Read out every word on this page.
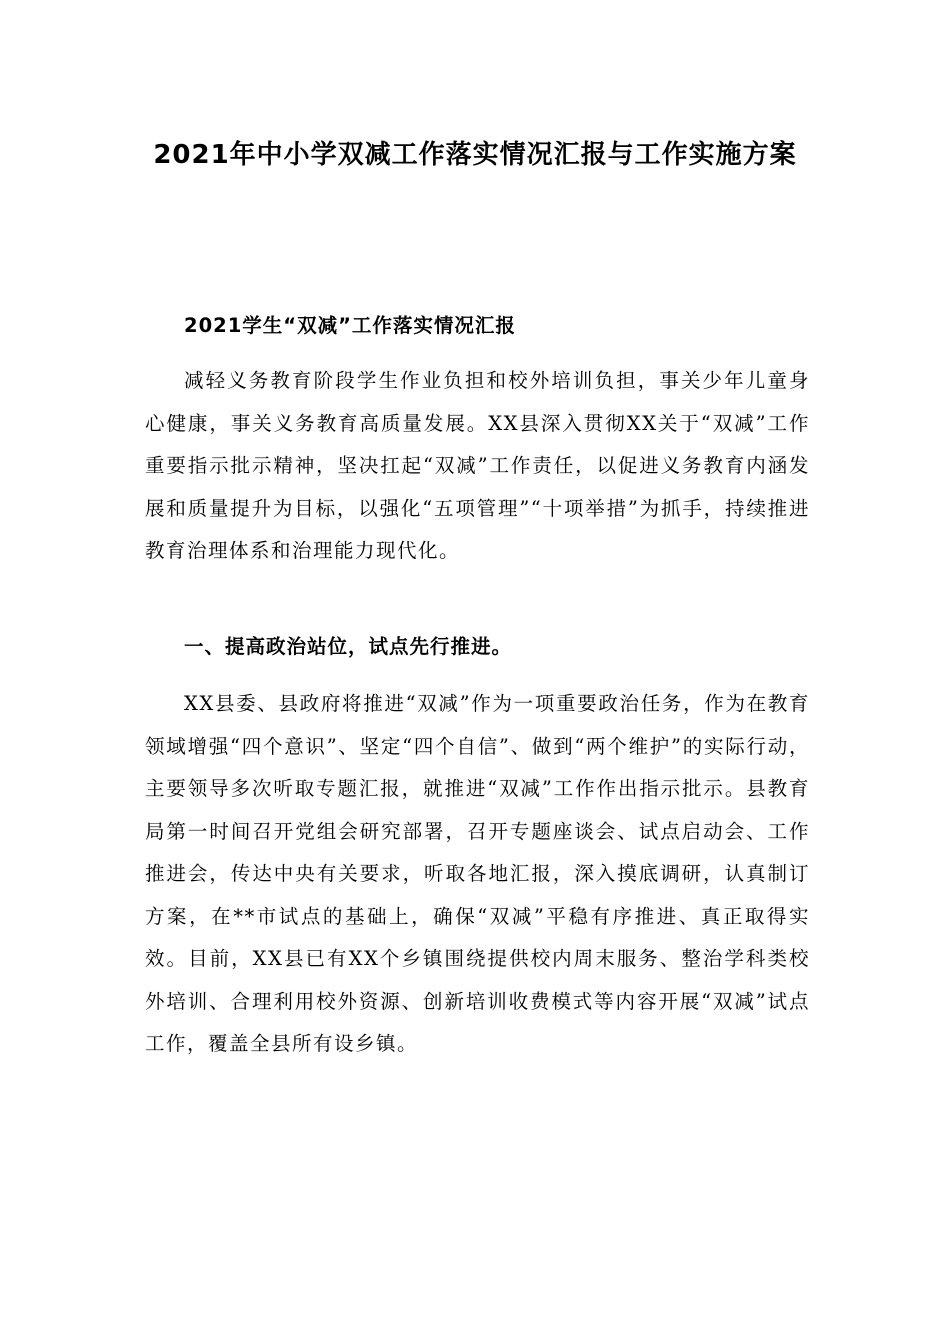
2021年中小学双减工作落实情况汇报与工作实施方案
2021学生“双减”工作落实情况汇报

减轻义务教育阶段学生作业负担和校外培训负担，事关少年儿童身心健康，事关义务教育高质量发展。XX县深入贯彻XX关于“双减”工作重要指示批示精神，坚决扛起“双减”工作责任，以促进义务教育内涵发展和质量提升为目标，以强化“五项管理”“十项举措”为抓手，持续推进教育治理体系和治理能力现代化。

一、提高政治站位，试点先行推进。

XX县委、县政府将推进“双减”作为一项重要政治任务，作为在教育领域增强“四个意识”、坚定“四个自信”、做到“两个维护”的实际行动，主要领导多次听取专题汇报，就推进“双减”工作作出指示批示。县教育局第一时间召开党组会研究部署，召开专题座谈会、试点启动会、工作推进会，传达中央有关要求，听取各地汇报，深入摸底调研，认真制订方案，在**市试点的基础上，确保“双减”平稳有序推进、真正取得实效。目前，XX县已有XX个乡镇围绕提供校内周末服务、整治学科类校外培训、合理利用校外资源、创新培训收费模式等内容开展“双减”试点工作，覆盖全县所有设乡镇。
